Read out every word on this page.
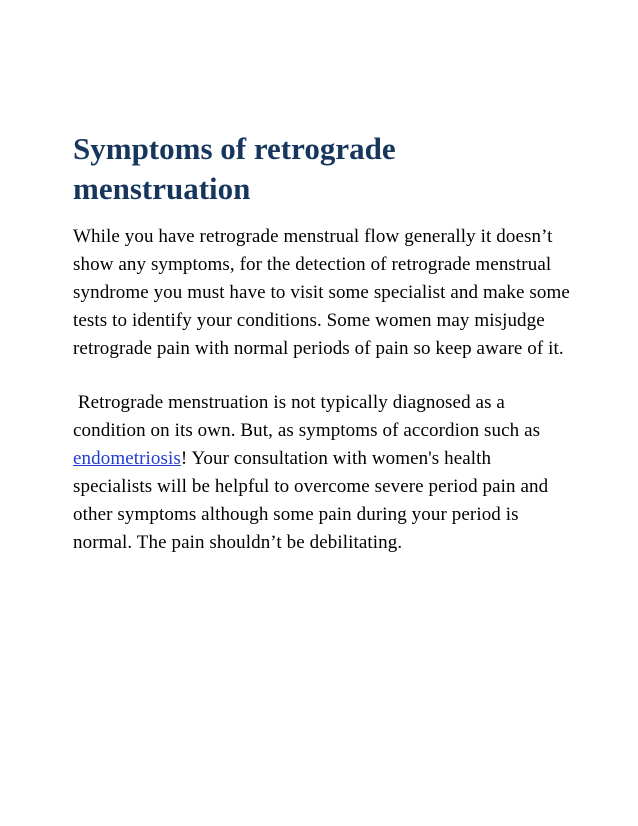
Symptoms of retrograde menstruation

While you have retrograde menstrual flow generally it doesn’t show any symptoms, for the detection of retrograde menstrual syndrome you must have to visit some specialist and make some tests to identify your conditions. Some women may misjudge retrograde pain with normal periods of pain so keep aware of it.

Retrograde menstruation is not typically diagnosed as a condition on its own. But, as symptoms of accordion such as endometriosis! Your consultation with women's health specialists will be helpful to overcome severe period pain and other symptoms although some pain during your period is normal. The pain shouldn’t be debilitating.
